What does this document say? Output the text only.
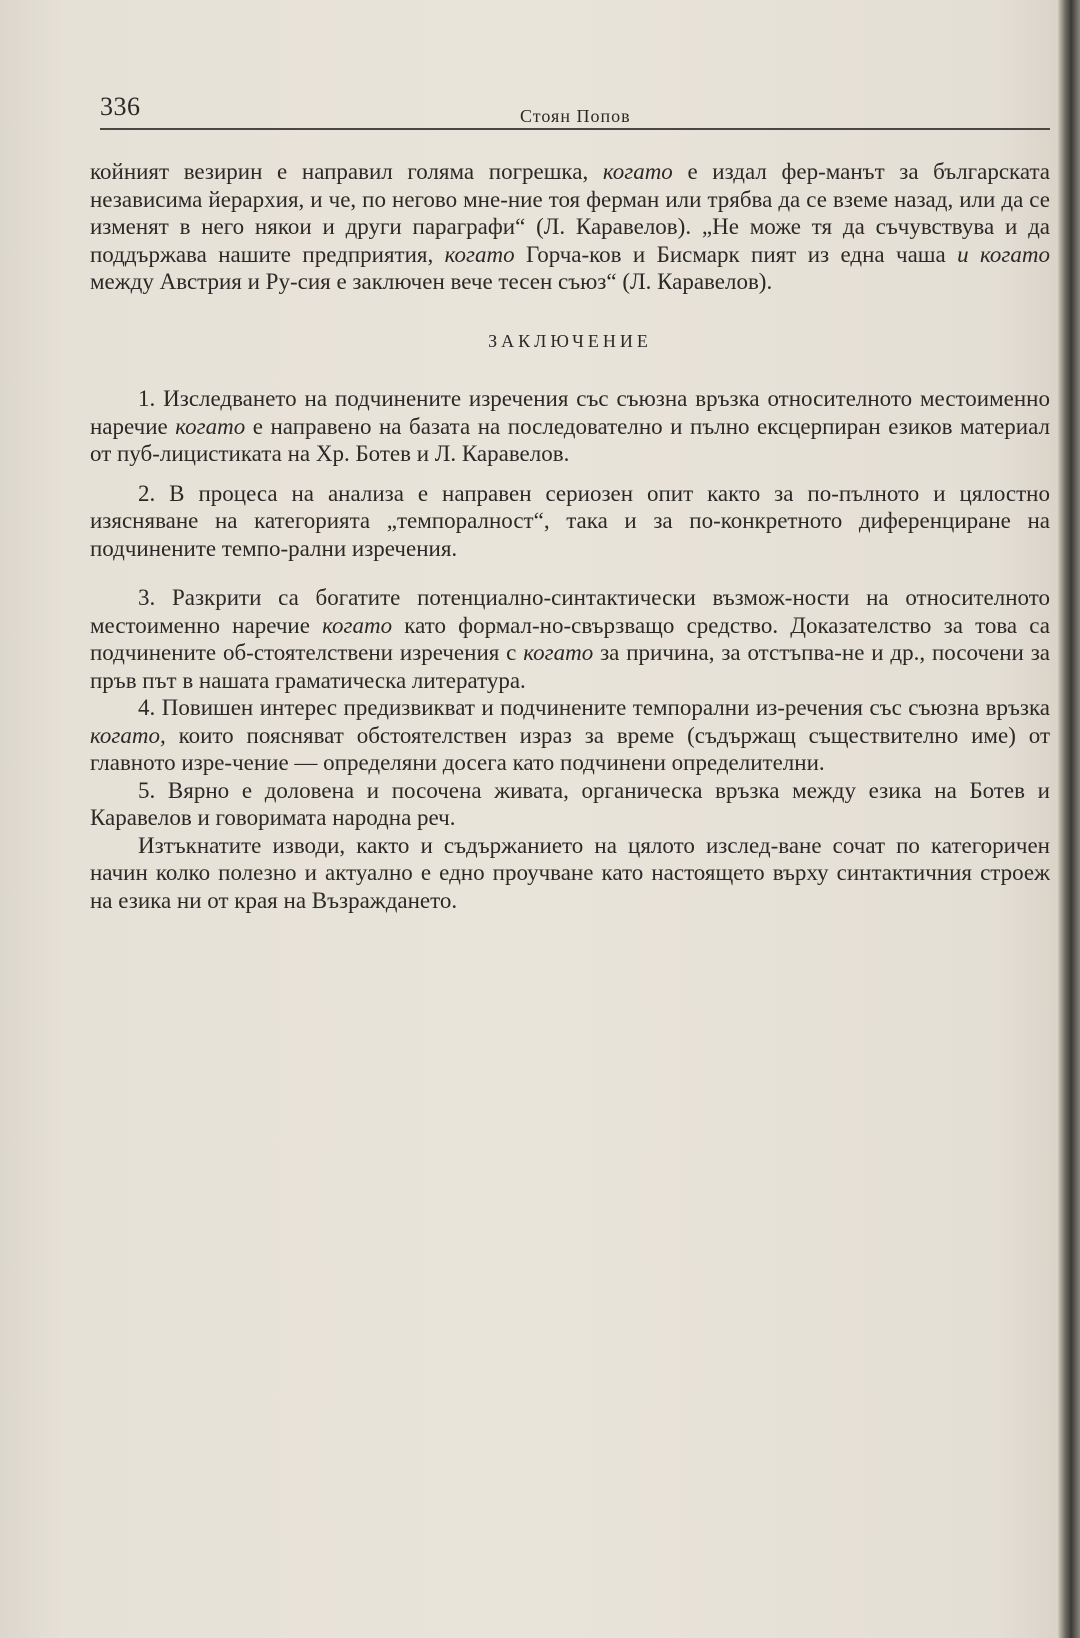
336	Стоян Попов

койният везирин е направил голяма погрешка, когато е издал фер-манът за българската независима йерархия, и че, по негово мне-ние тоя ферман или трябва да се вземе назад, или да се изменят в него някои и други параграфи“ (Л. Каравелов). „Не може тя да съчувствува и да поддържава нашите предприятия, когато Горча-ков и Бисмарк пият из една чаша и когато между Австрия и Ру-сия е заключен вече тесен съюз“ (Л. Каравелов).

ЗАКЛЮЧЕНИЕ

1. Изследването на подчинените изречения със съюзна връзка относителното местоименно наречие когато е направено на базата на последователно и пълно ексцерпиран езиков материал от пуб-лицистиката на Хр. Ботев и Л. Каравелов.

2. В процеса на анализа е направен сериозен опит както за по-пълното и цялостно изясняване на категорията „темпоралност“, така и за по-конкретното диференциране на подчинените темпо-рални изречения.

3. Разкрити са богатите потенциално-синтактически възмож-ности на относителното местоименно наречие когато като формал-но-свързващо средство. Доказателство за това са подчинените об-стоятелствени изречения с когато за причина, за отстъпва-не и др., посочени за пръв път в нашата граматическа литература.

4. Повишен интерес предизвикват и подчинените темпорални из-речения със съюзна връзка когато, които поясняват обстоятелствен израз за време (съдържащ съществително име) от главното изре-чение — определяни досега като подчинени определителни.

5. Вярно е доловена и посочена живата, органическа връзка между езика на Ботев и Каравелов и говоримата народна реч.

Изтъкнатите изводи, както и съдържанието на цялото изслед-ване сочат по категоричен начин колко полезно и актуално е едно проучване като настоящето върху синтактичния строеж на езика ни от края на Възраждането.
